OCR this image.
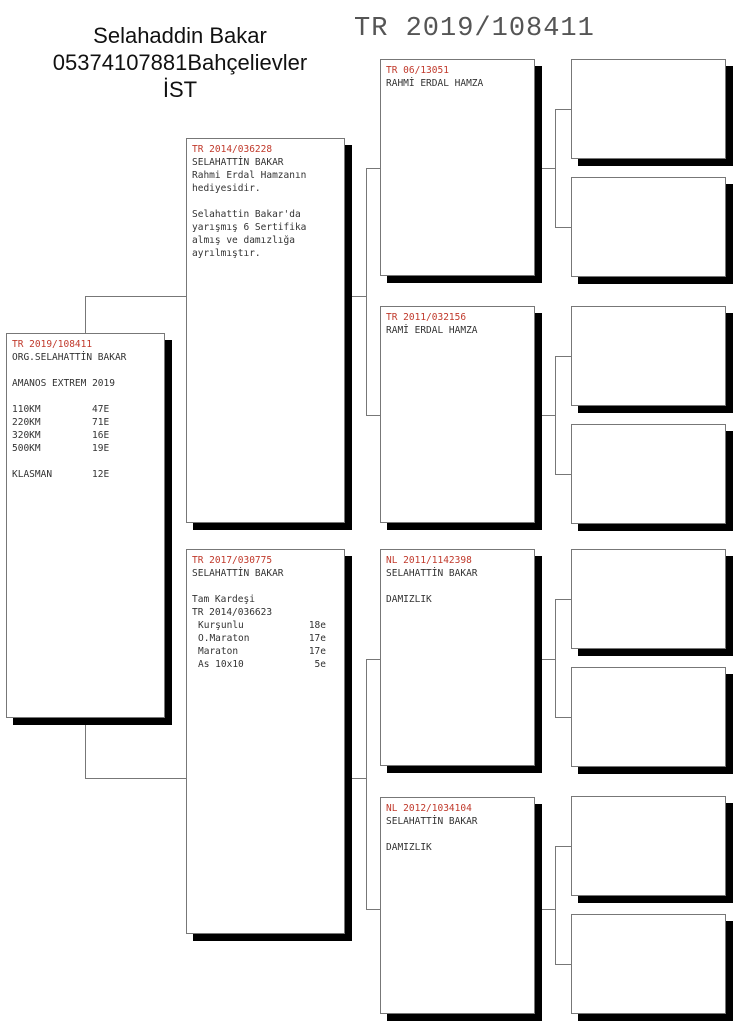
Selahaddin Bakar
05374107881Bahçelievler
İST
TR 2019/108411
TR 2019/108411
ORG.SELAHATTİN BAKAR
AMANOS EXTREM 2019
110KM	47E
220KM	71E
320KM	16E
500KM	19E
KLASMAN	12E
TR 2014/036228
SELAHATTİN BAKAR
Rahmi Erdal Hamzanın
hediyesidir.
Selahattin Bakar'da
yarışmış 6 Sertifika
almış ve damızlığa
ayrılmıştır.
TR 2017/030775
SELAHATTİN BAKAR
Tam Kardeşi
TR 2014/036623
Kurşunlu	18e
O.Maraton	17e
Maraton	17e
As 10x10	5e
TR 06/13051
RAHMİ ERDAL HAMZA
TR 2011/032156
RAMİ ERDAL HAMZA
NL 2011/1142398
SELAHATTİN BAKAR
DAMIZLIK
NL 2012/1034104
SELAHATTİN BAKAR
DAMIZLIK
